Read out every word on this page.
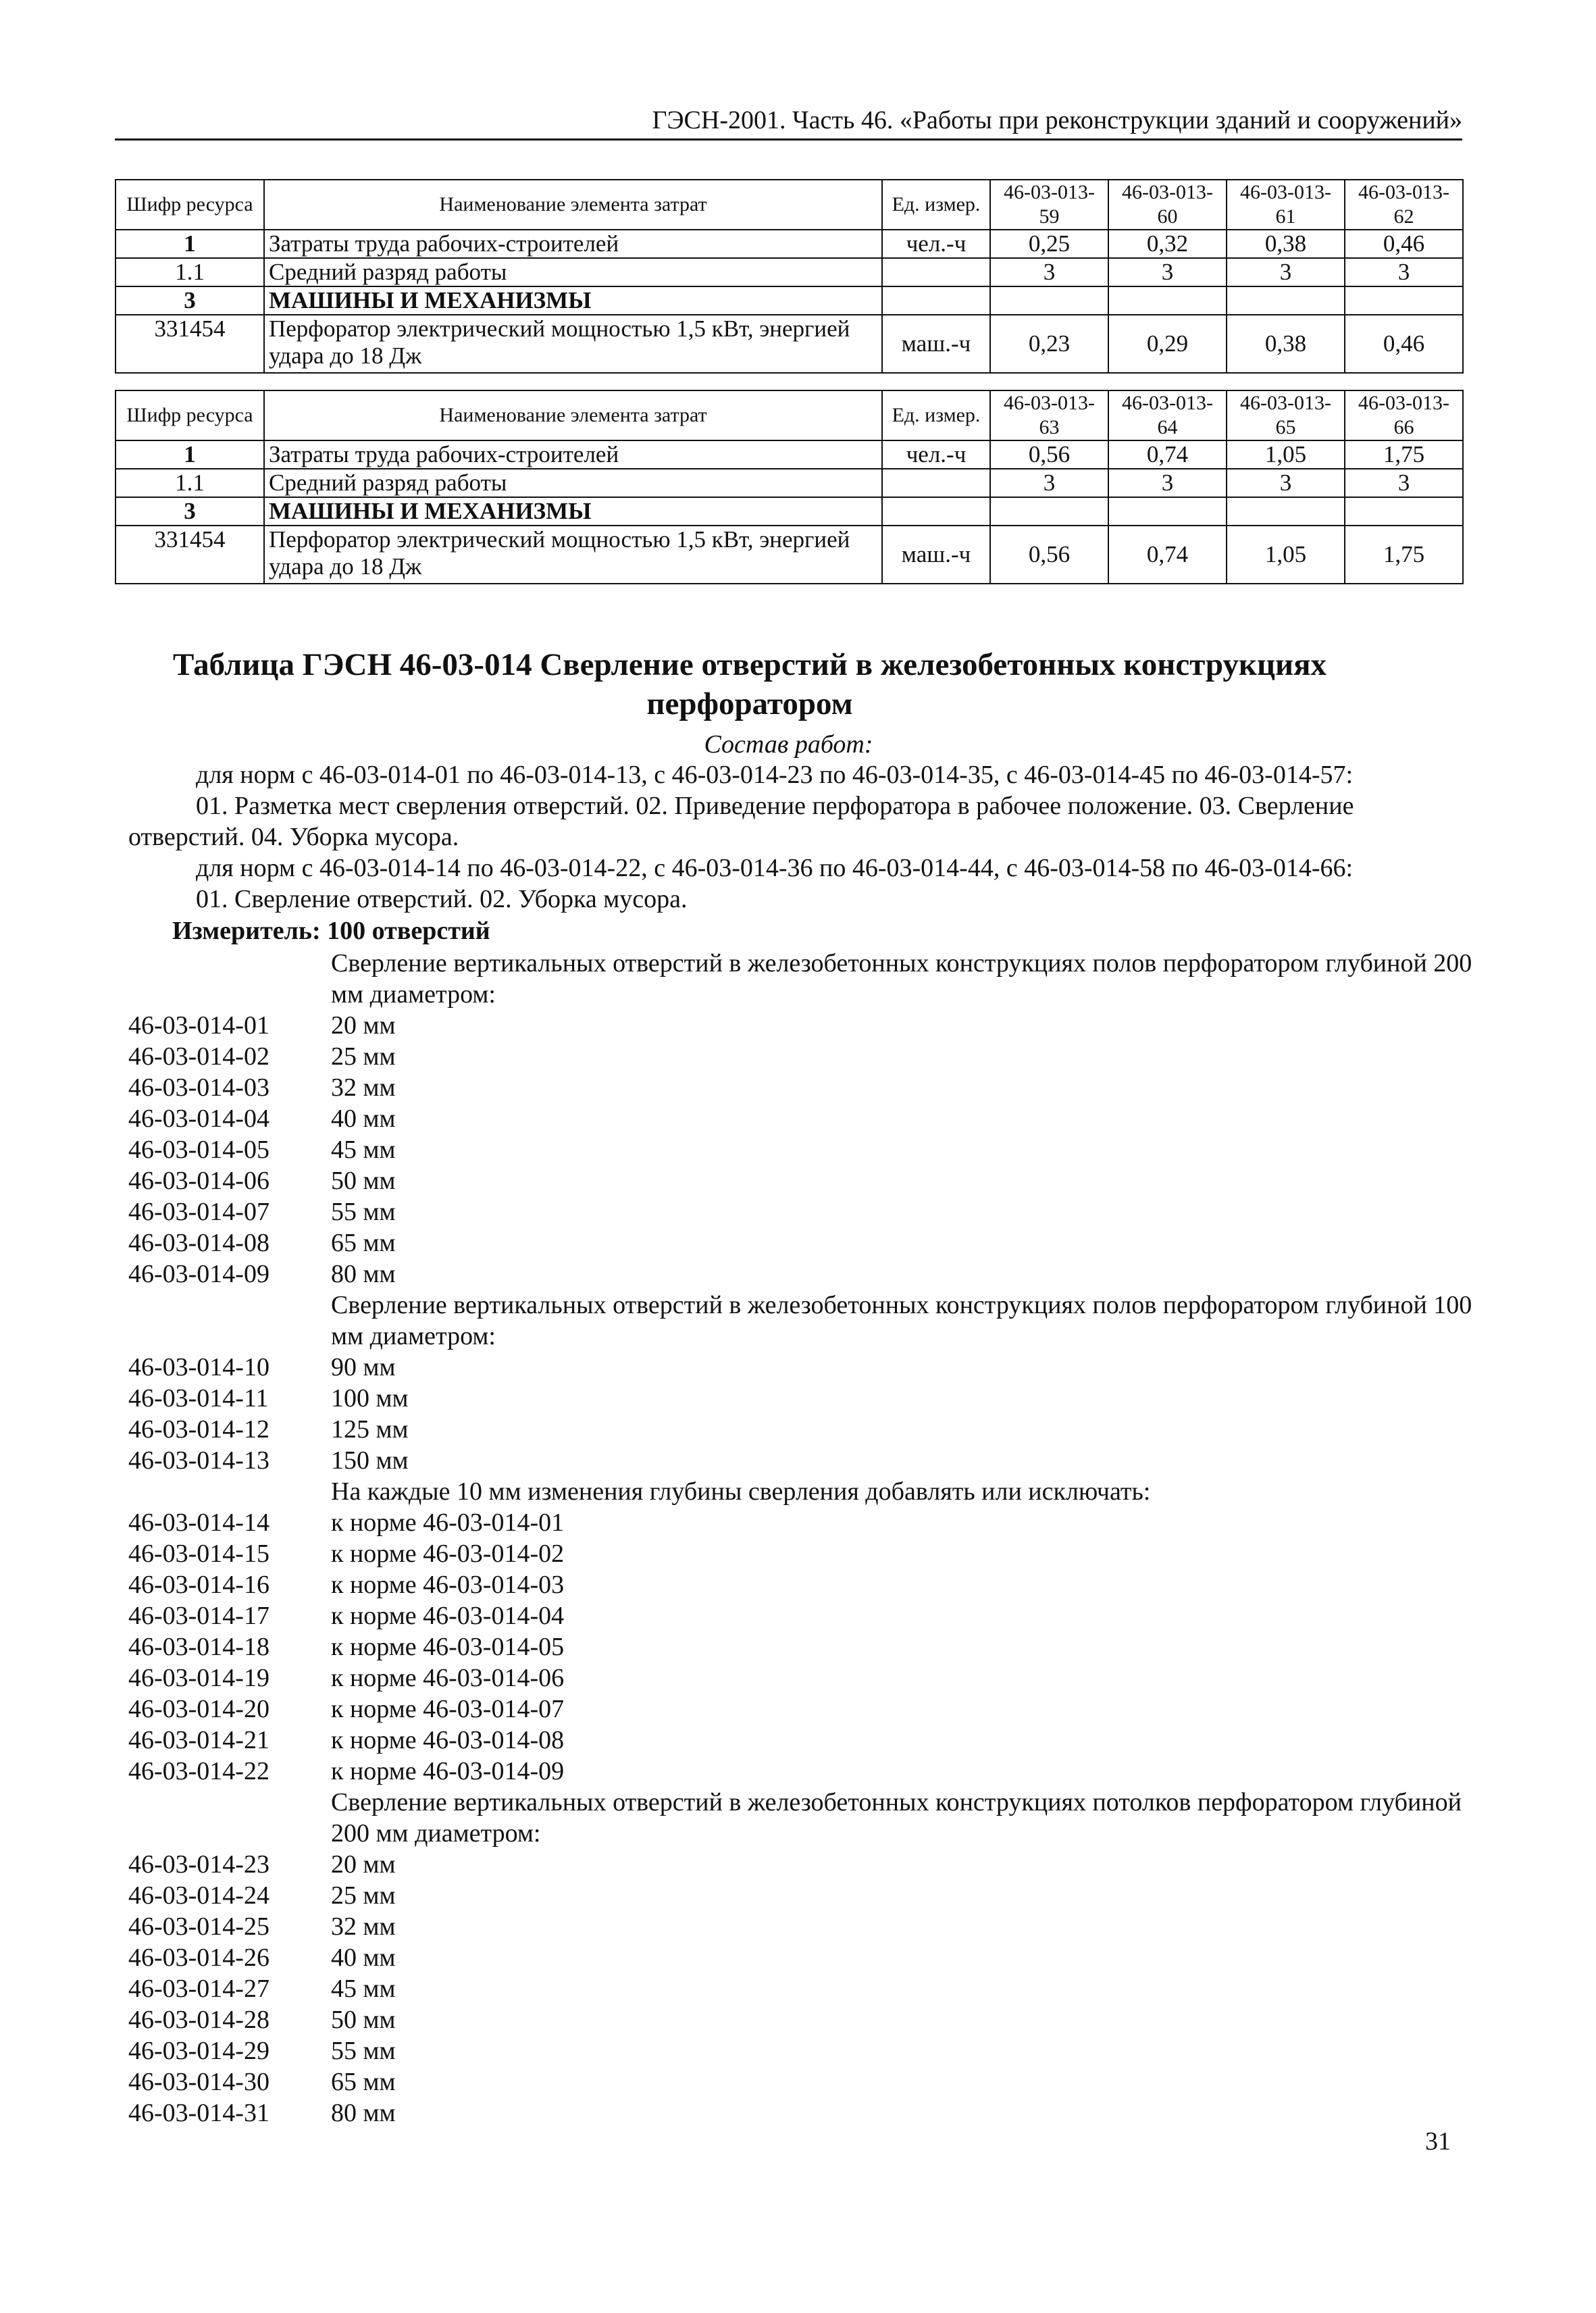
ГЭСН-2001. Часть 46. «Работы при реконструкции зданий и сооружений»
Шифр ресурса	Наименование элемента затрат	Ед. измер.	46-03-013-59	46-03-013-60	46-03-013-61	46-03-013-62
1	Затраты труда рабочих-строителей	чел.-ч	0,25	0,32	0,38	0,46
1.1	Средний разряд работы		3	3	3	3
3	МАШИНЫ И МЕХАНИЗМЫ					
331454	Перфоратор электрический мощностью 1,5 кВт, энергией удара до 18 Дж	маш.-ч	0,23	0,29	0,38	0,46
Шифр ресурса	Наименование элемента затрат	Ед. измер.	46-03-013-63	46-03-013-64	46-03-013-65	46-03-013-66
1	Затраты труда рабочих-строителей	чел.-ч	0,56	0,74	1,05	1,75
1.1	Средний разряд работы		3	3	3	3
3	МАШИНЫ И МЕХАНИЗМЫ					
331454	Перфоратор электрический мощностью 1,5 кВт, энергией удара до 18 Дж	маш.-ч	0,56	0,74	1,05	1,75
Таблица ГЭСН 46-03-014 Сверление отверстий в железобетонных конструкциях
перфоратором
Состав работ:

для норм с 46-03-014-01 по 46-03-014-13, с 46-03-014-23 по 46-03-014-35, с 46-03-014-45 по 46-03-014-57:

01. Разметка мест сверления отверстий. 02. Приведение перфоратора в рабочее положение. 03. Сверление отверстий. 04. Уборка мусора.

для норм с 46-03-014-14 по 46-03-014-22, с 46-03-014-36 по 46-03-014-44, с 46-03-014-58 по 46-03-014-66:

01. Сверление отверстий. 02. Уборка мусора.

Измеритель: 100 отверстий
Сверление вертикальных отверстий в железобетонных конструкциях полов перфоратором глубиной 200 мм диаметром:
46-03-014-01	20 мм
46-03-014-02	25 мм
46-03-014-03	32 мм
46-03-014-04	40 мм
46-03-014-05	45 мм
46-03-014-06	50 мм
46-03-014-07	55 мм
46-03-014-08	65 мм
46-03-014-09	80 мм
Сверление вертикальных отверстий в железобетонных конструкциях полов перфоратором глубиной 100 мм диаметром:
46-03-014-10	90 мм
46-03-014-11	100 мм
46-03-014-12	125 мм
46-03-014-13	150 мм
На каждые 10 мм изменения глубины сверления добавлять или исключать:
46-03-014-14	к норме 46-03-014-01
46-03-014-15	к норме 46-03-014-02
46-03-014-16	к норме 46-03-014-03
46-03-014-17	к норме 46-03-014-04
46-03-014-18	к норме 46-03-014-05
46-03-014-19	к норме 46-03-014-06
46-03-014-20	к норме 46-03-014-07
46-03-014-21	к норме 46-03-014-08
46-03-014-22	к норме 46-03-014-09
Сверление вертикальных отверстий в железобетонных конструкциях потолков перфоратором глубиной 200 мм диаметром:
46-03-014-23	20 мм
46-03-014-24	25 мм
46-03-014-25	32 мм
46-03-014-26	40 мм
46-03-014-27	45 мм
46-03-014-28	50 мм
46-03-014-29	55 мм
46-03-014-30	65 мм
46-03-014-31	80 мм
31
